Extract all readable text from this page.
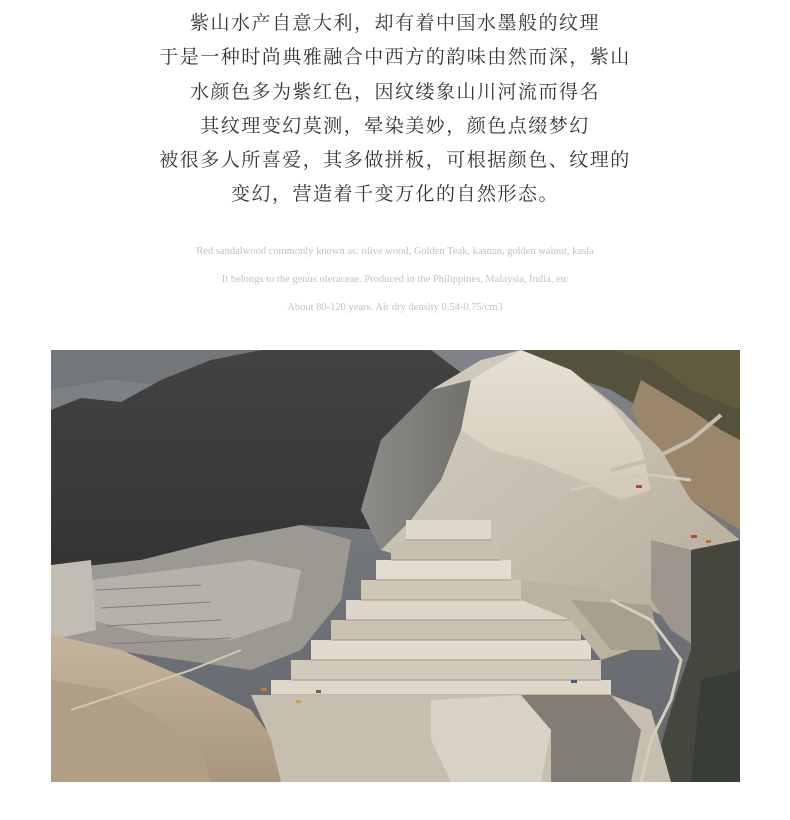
紫山水产自意大利，却有着中国水墨般的纹理
于是一种时尚典雅融合中西方的韵味由然而深，紫山
水颜色多为紫红色，因纹缕象山川河流而得名
其纹理变幻莫测，晕染美妙，颜色点缀梦幻
被很多人所喜爱，其多做拼板，可根据颜色、纹理的
变幻，营造着千变万化的自然形态。
Red sandalwood commonly known as: olive wood, Golden Teak, kasnan, golden walnut, kasla
It belongs to the genus oleraceae. Produced in the Philippines, Malaysia, India, etc
About 80-120 years. Air dry density 0.54-0.75/cm3
